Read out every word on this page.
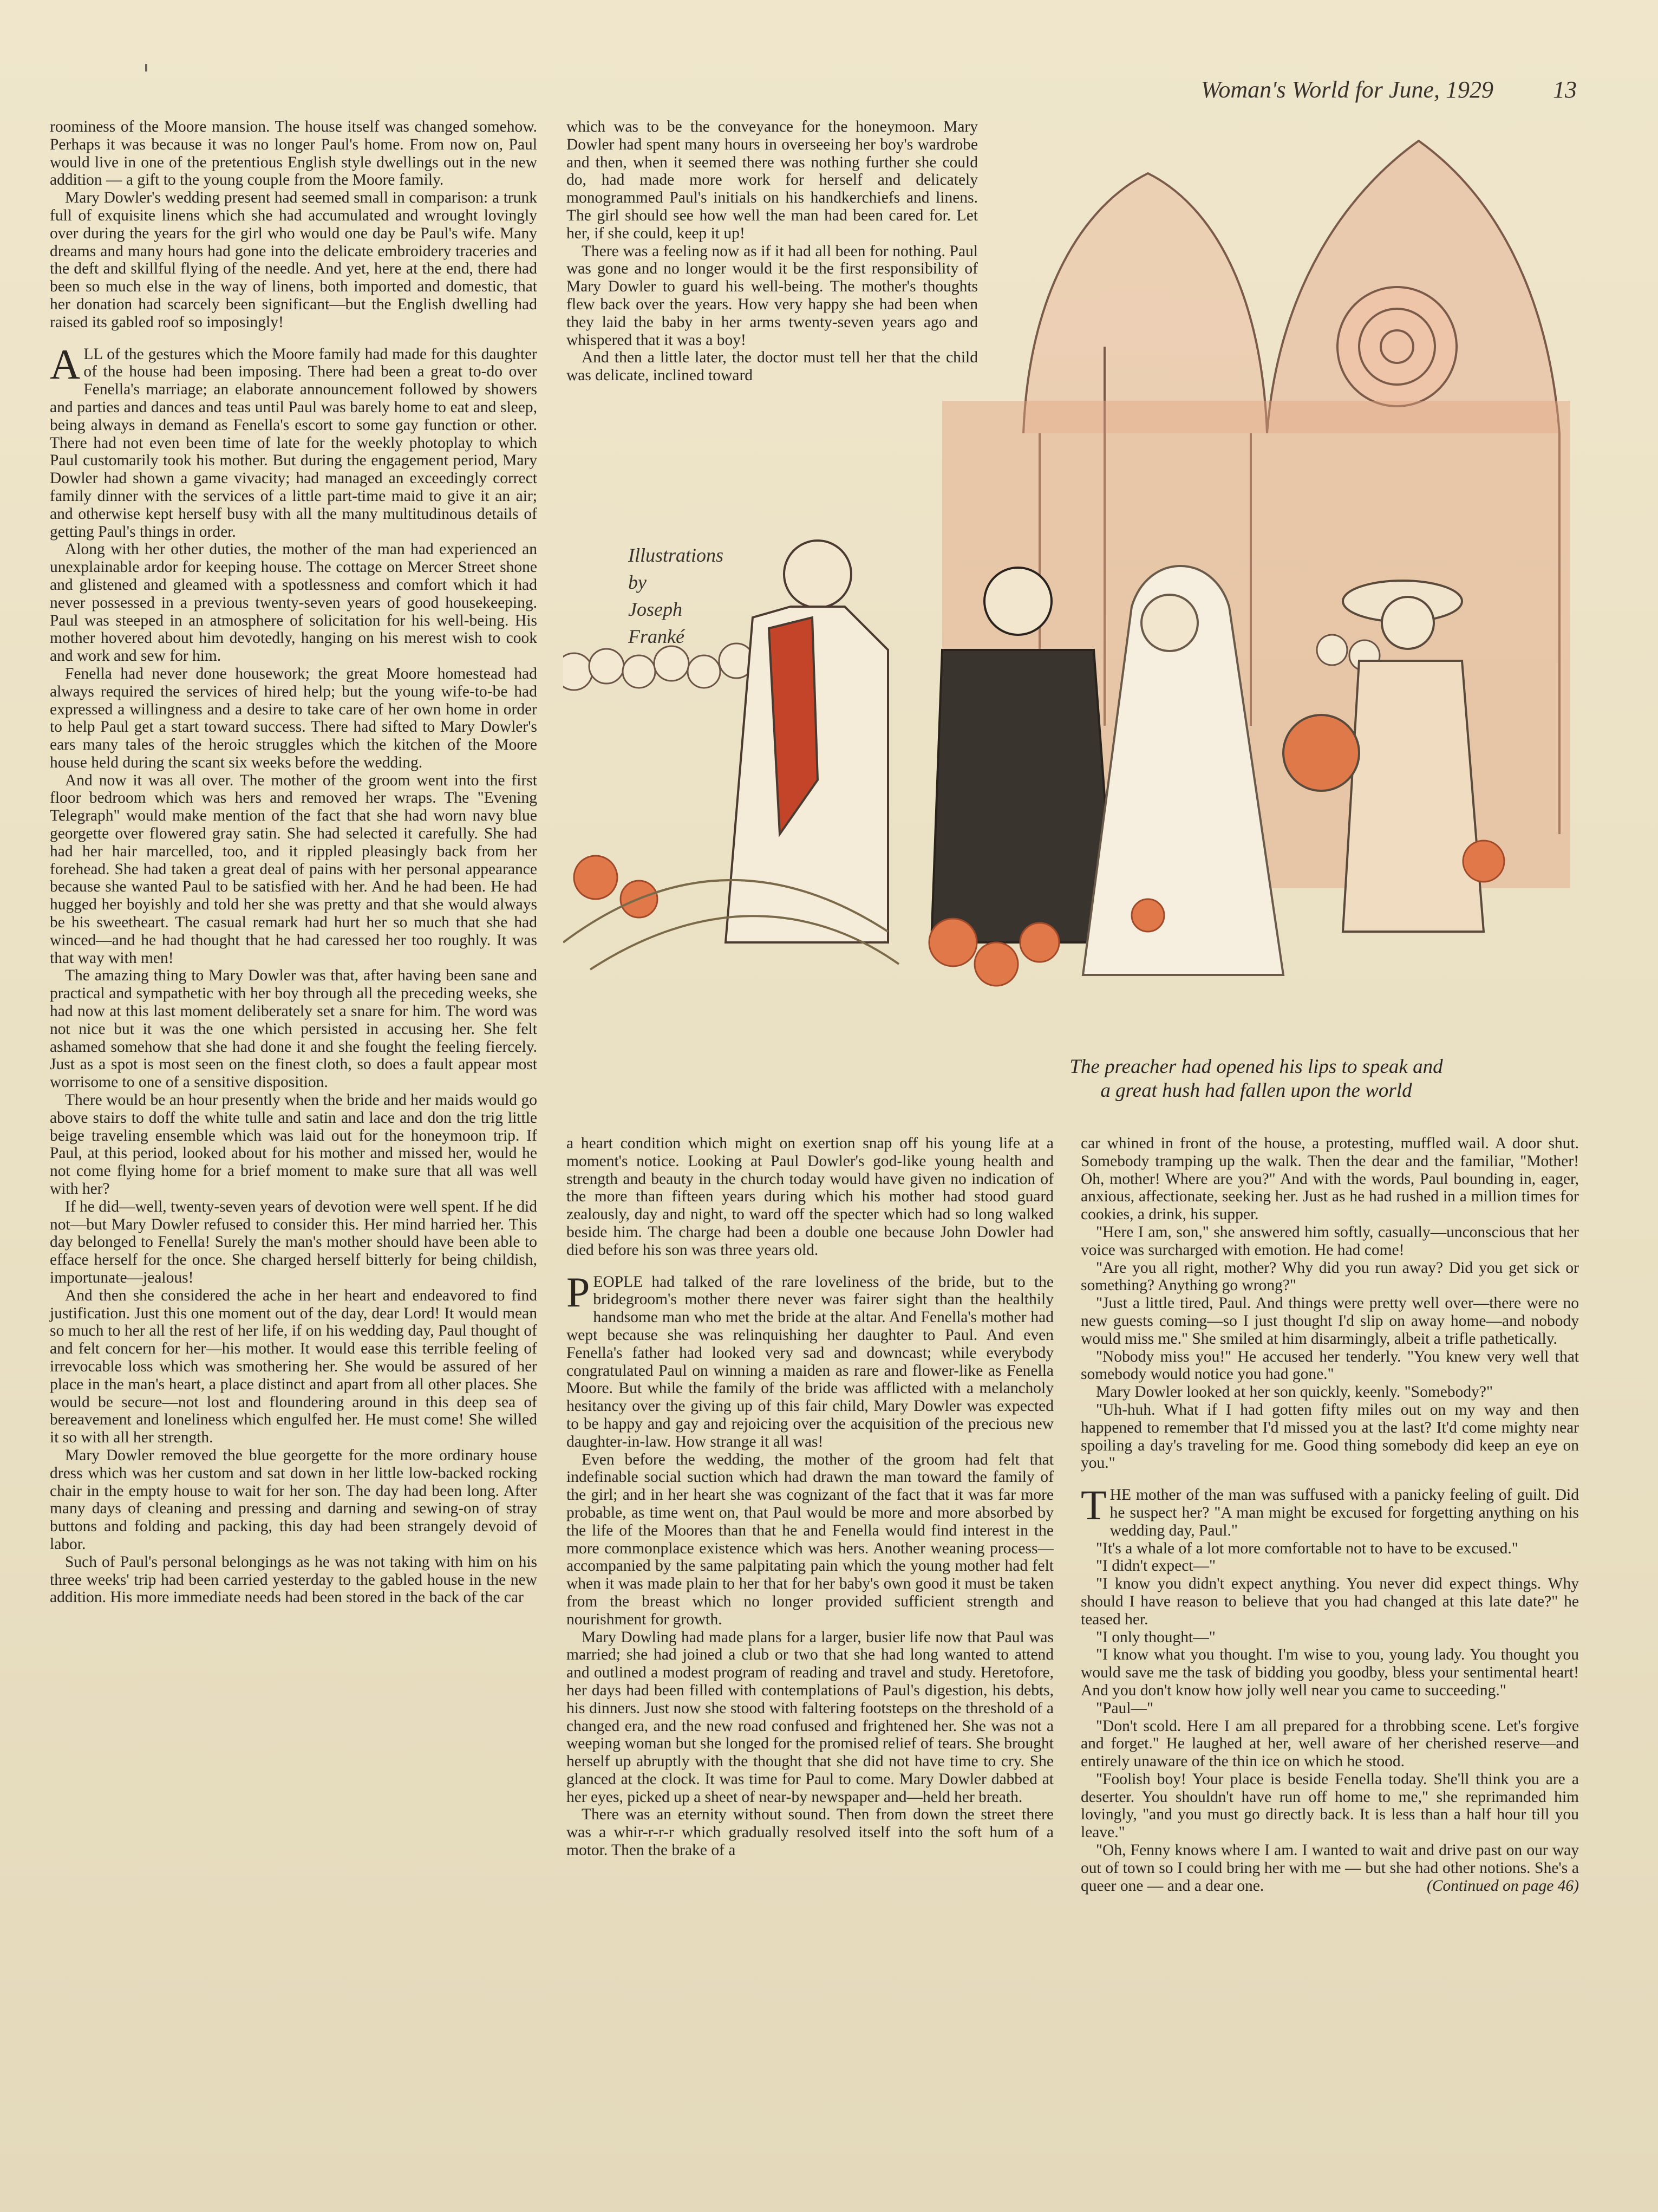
Woman's World for June, 1929	13

roominess of the Moore mansion. The house itself was changed somehow. Perhaps it was because it was no longer Paul's home. From now on, Paul would live in one of the pretentious English style dwellings out in the new addition — a gift to the young couple from the Moore family.

Mary Dowler's wedding present had seemed small in comparison: a trunk full of exquisite linens which she had accumulated and wrought lovingly over during the years for the girl who would one day be Paul's wife. Many dreams and many hours had gone into the delicate embroidery traceries and the deft and skillful flying of the needle. And yet, here at the end, there had been so much else in the way of linens, both imported and domestic, that her donation had scarcely been significant—but the English dwelling had raised its gabled roof so imposingly!

ALL of the gestures which the Moore family had made for this daughter of the house had been imposing. There had been a great to-do over Fenella's marriage; an elaborate announcement followed by showers and parties and dances and teas until Paul was barely home to eat and sleep, being always in demand as Fenella's escort to some gay function or other. There had not even been time of late for the weekly photoplay to which Paul customarily took his mother. But during the engagement period, Mary Dowler had shown a game vivacity; had managed an exceedingly correct family dinner with the services of a little part-time maid to give it an air; and otherwise kept herself busy with all the many multitudinous details of getting Paul's things in order.

Along with her other duties, the mother of the man had experienced an unexplainable ardor for keeping house. The cottage on Mercer Street shone and glistened and gleamed with a spotlessness and comfort which it had never possessed in a previous twenty-seven years of good housekeeping. Paul was steeped in an atmosphere of solicitation for his well-being. His mother hovered about him devotedly, hanging on his merest wish to cook and work and sew for him.

Fenella had never done housework; the great Moore homestead had always required the services of hired help; but the young wife-to-be had expressed a willingness and a desire to take care of her own home in order to help Paul get a start toward success. There had sifted to Mary Dowler's ears many tales of the heroic struggles which the kitchen of the Moore house held during the scant six weeks before the wedding.

And now it was all over. The mother of the groom went into the first floor bedroom which was hers and removed her wraps. The "Evening Telegraph" would make mention of the fact that she had worn navy blue georgette over flowered gray satin. She had selected it carefully. She had had her hair marcelled, too, and it rippled pleasingly back from her forehead. She had taken a great deal of pains with her personal appearance because she wanted Paul to be satisfied with her. And he had been. He had hugged her boyishly and told her she was pretty and that she would always be his sweetheart. The casual remark had hurt her so much that she had winced—and he had thought that he had caressed her too roughly. It was that way with men!

The amazing thing to Mary Dowler was that, after having been sane and practical and sympathetic with her boy through all the preceding weeks, she had now at this last moment deliberately set a snare for him. The word was not nice but it was the one which persisted in accusing her. She felt ashamed somehow that she had done it and she fought the feeling fiercely. Just as a spot is most seen on the finest cloth, so does a fault appear most worrisome to one of a sensitive disposition.

There would be an hour presently when the bride and her maids would go above stairs to doff the white tulle and satin and lace and don the trig little beige traveling ensemble which was laid out for the honeymoon trip. If Paul, at this period, looked about for his mother and missed her, would he not come flying home for a brief moment to make sure that all was well with her?

If he did—well, twenty-seven years of devotion were well spent. If he did not—but Mary Dowler refused to consider this. Her mind harried her. This day belonged to Fenella! Surely the man's mother should have been able to efface herself for the once. She charged herself bitterly for being childish, importunate—jealous!

And then she considered the ache in her heart and endeavored to find justification. Just this one moment out of the day, dear Lord! It would mean so much to her all the rest of her life, if on his wedding day, Paul thought of and felt concern for her—his mother. It would ease this terrible feeling of irrevocable loss which was smothering her. She would be assured of her place in the man's heart, a place distinct and apart from all other places. She would be secure—not lost and floundering around in this deep sea of bereavement and loneliness which engulfed her. He must come! She willed it so with all her strength.

Mary Dowler removed the blue georgette for the more ordinary house dress which was her custom and sat down in her little low-backed rocking chair in the empty house to wait for her son. The day had been long. After many days of cleaning and pressing and darning and sewing-on of stray buttons and folding and packing, this day had been strangely devoid of labor.

Such of Paul's personal belongings as he was not taking with him on his three weeks' trip had been carried yesterday to the gabled house in the new addition. His more immediate needs had been stored in the back of the car

which was to be the conveyance for the honeymoon. Mary Dowler had spent many hours in overseeing her boy's wardrobe and then, when it seemed there was nothing further she could do, had made more work for herself and delicately monogrammed Paul's initials on his handkerchiefs and linens. The girl should see how well the man had been cared for. Let her, if she could, keep it up!

There was a feeling now as if it had all been for nothing. Paul was gone and no longer would it be the first responsibility of Mary Dowler to guard his well-being. The mother's thoughts flew back over the years. How very happy she had been when they laid the baby in her arms twenty-seven years ago and whispered that it was a boy!

And then a little later, the doctor must tell her that the child was delicate, inclined toward

Illustrations
by
Joseph
Franké
The preacher had opened his lips to speak and
a great hush had fallen upon the world

a heart condition which might on exertion snap off his young life at a moment's notice. Looking at Paul Dowler's god-like young health and strength and beauty in the church today would have given no indication of the more than fifteen years during which his mother had stood guard zealously, day and night, to ward off the specter which had so long walked beside him. The charge had been a double one because John Dowler had died before his son was three years old.

PEOPLE had talked of the rare loveliness of the bride, but to the bridegroom's mother there never was fairer sight than the healthily handsome man who met the bride at the altar. And Fenella's mother had wept because she was relinquishing her daughter to Paul. And even Fenella's father had looked very sad and downcast; while everybody congratulated Paul on winning a maiden as rare and flower-like as Fenella Moore. But while the family of the bride was afflicted with a melancholy hesitancy over the giving up of this fair child, Mary Dowler was expected to be happy and gay and rejoicing over the acquisition of the precious new daughter-in-law. How strange it all was!

Even before the wedding, the mother of the groom had felt that indefinable social suction which had drawn the man toward the family of the girl; and in her heart she was cognizant of the fact that it was far more probable, as time went on, that Paul would be more and more absorbed by the life of the Moores than that he and Fenella would find interest in the more commonplace existence which was hers. Another weaning process—accompanied by the same palpitating pain which the young mother had felt when it was made plain to her that for her baby's own good it must be taken from the breast which no longer provided sufficient strength and nourishment for growth.

Mary Dowling had made plans for a larger, busier life now that Paul was married; she had joined a club or two that she had long wanted to attend and outlined a modest program of reading and travel and study. Heretofore, her days had been filled with contemplations of Paul's digestion, his debts, his dinners. Just now she stood with faltering footsteps on the threshold of a changed era, and the new road confused and frightened her. She was not a weeping woman but she longed for the promised relief of tears. She brought herself up abruptly with the thought that she did not have time to cry. She glanced at the clock. It was time for Paul to come. Mary Dowler dabbed at her eyes, picked up a sheet of near-by newspaper and—held her breath.

There was an eternity without sound. Then from down the street there was a whir-r-r-r which gradually resolved itself into the soft hum of a motor. Then the brake of a

car whined in front of the house, a protesting, muffled wail. A door shut. Somebody tramping up the walk. Then the dear and the familiar, "Mother! Oh, mother! Where are you?" And with the words, Paul bounding in, eager, anxious, affectionate, seeking her. Just as he had rushed in a million times for cookies, a drink, his supper.

"Here I am, son," she answered him softly, casually—unconscious that her voice was surcharged with emotion. He had come!

"Are you all right, mother? Why did you run away? Did you get sick or something? Anything go wrong?"

"Just a little tired, Paul. And things were pretty well over—there were no new guests coming—so I just thought I'd slip on away home—and nobody would miss me." She smiled at him disarmingly, albeit a trifle pathetically.

"Nobody miss you!" He accused her tenderly. "You knew very well that somebody would notice you had gone."

Mary Dowler looked at her son quickly, keenly. "Somebody?"

"Uh-huh. What if I had gotten fifty miles out on my way and then happened to remember that I'd missed you at the last? It'd come mighty near spoiling a day's traveling for me. Good thing somebody did keep an eye on you."

THE mother of the man was suffused with a panicky feeling of guilt. Did he suspect her? "A man might be excused for forgetting anything on his wedding day, Paul."

"It's a whale of a lot more comfortable not to have to be excused."

"I didn't expect—"

"I know you didn't expect anything. You never did expect things. Why should I have reason to believe that you had changed at this late date?" he teased her.

"I only thought—"

"I know what you thought. I'm wise to you, young lady. You thought you would save me the task of bidding you goodby, bless your sentimental heart! And you don't know how jolly well near you came to succeeding."

"Paul—"

"Don't scold. Here I am all prepared for a throbbing scene. Let's forgive and forget." He laughed at her, well aware of her cherished reserve—and entirely unaware of the thin ice on which he stood.

"Foolish boy! Your place is beside Fenella today. She'll think you are a deserter. You shouldn't have run off home to me," she reprimanded him lovingly, "and you must go directly back. It is less than a half hour till you leave."

"Oh, Fenny knows where I am. I wanted to wait and drive past on our way out of town so I could bring her with me — but she had other notions. She's a queer one — and a dear one.	(Continued on page 46)
